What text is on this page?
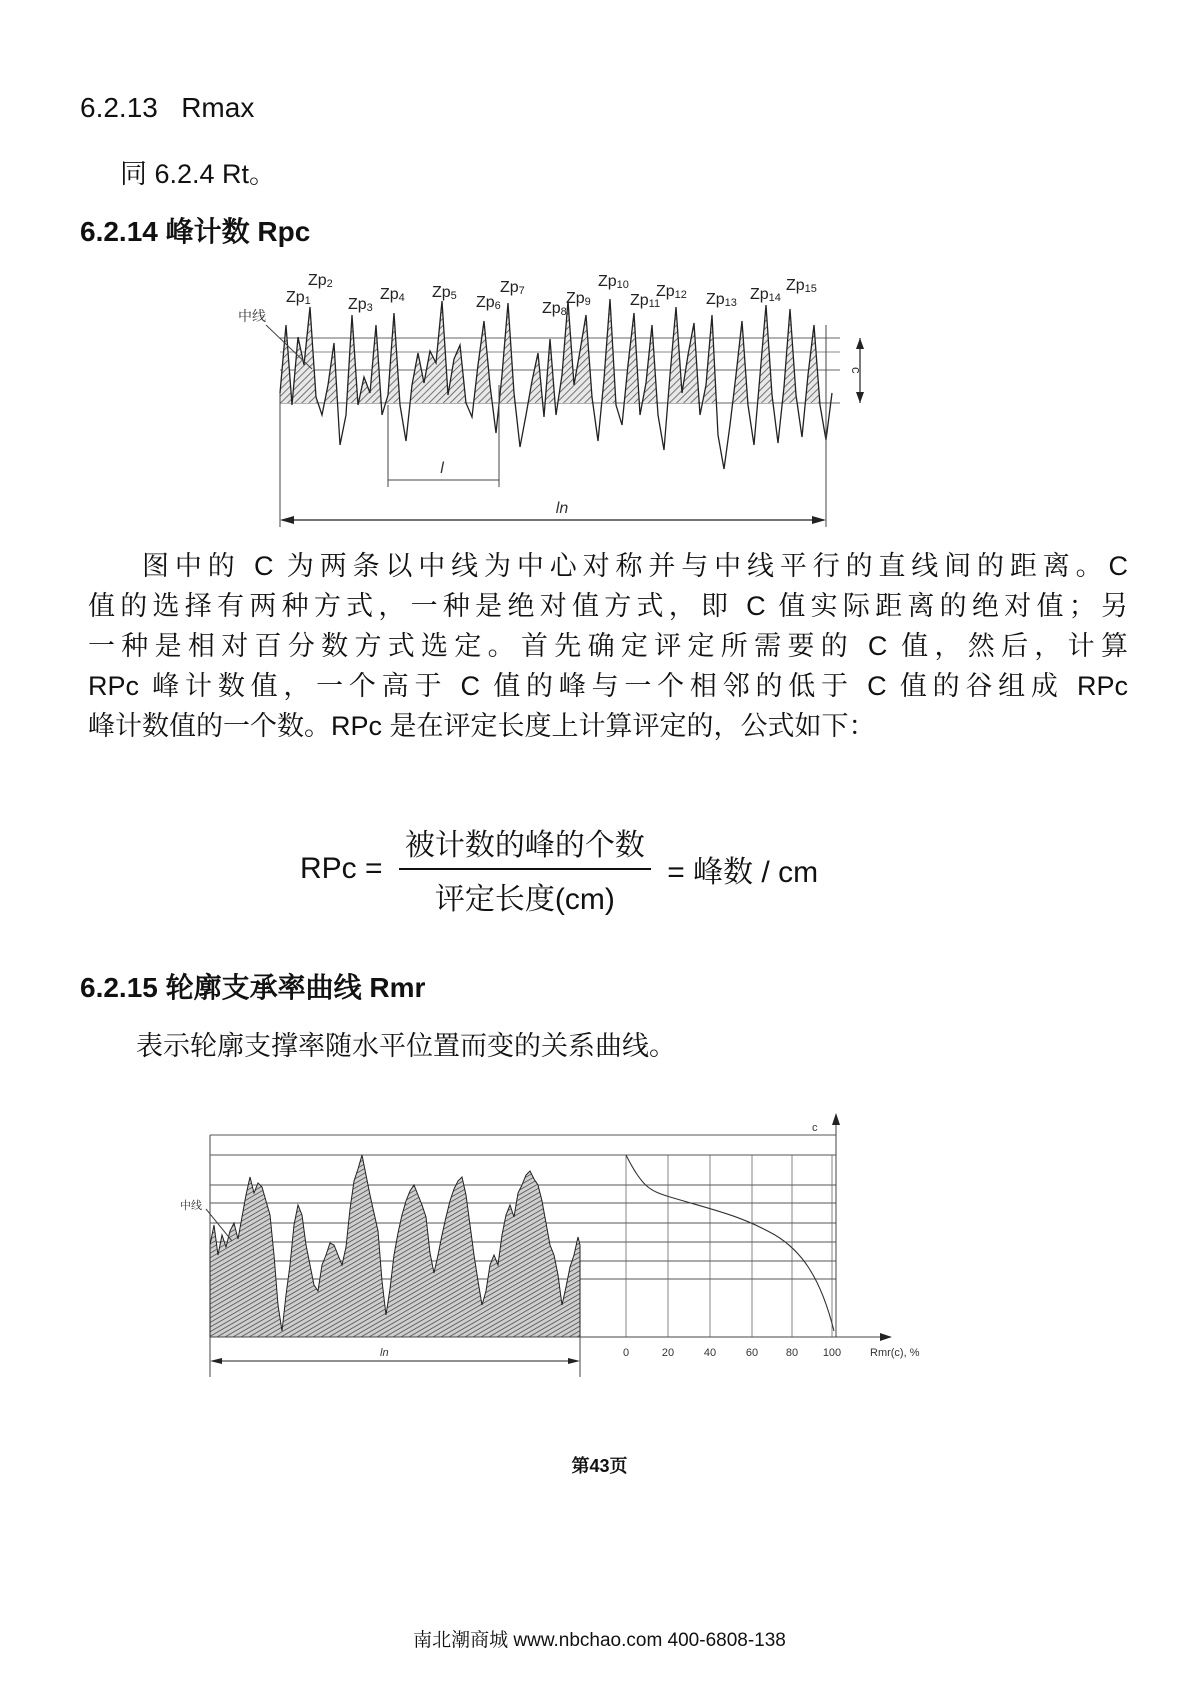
6.2.13 Rmax
同 6.2.4 Rt。
6.2.14 峰计数 Rpc
l
ln
c
中线
Zp1
Zp2
Zp3
Zp4 Zp5 Zp6
Zp7
Zp8
Zp9
Zp10
Zp11
Zp12 Zp13 Zp14
Zp15
图中的 C 为两条以中线为中心对称并与中线平行的直线间的距离。C
值的选择有两种方式，一种是绝对值方式，即 C 值实际距离的绝对值；另
一种是相对百分数方式选定。首先确定评定所需要的 C 值，然后，计算
RPc 峰计数值，一个高于 C 值的峰与一个相邻的低于 C 值的谷组成 RPc
峰计数值的一个数。RPc 是在评定长度上计算评定的，公式如下：
RPc = $\frac{\text{被计数的峰的个数}}{\text{评定长度(cm)}}$ = 峰数 / cm
6.2.15 轮廓支承率曲线 Rmr
表示轮廓支撑率随水平位置而变的关系曲线。
c
0	20	40	60	80 100	Rmr(c), %
ln
中线
第43页
南北潮商城 www.nbchao.com 400-6808-138
